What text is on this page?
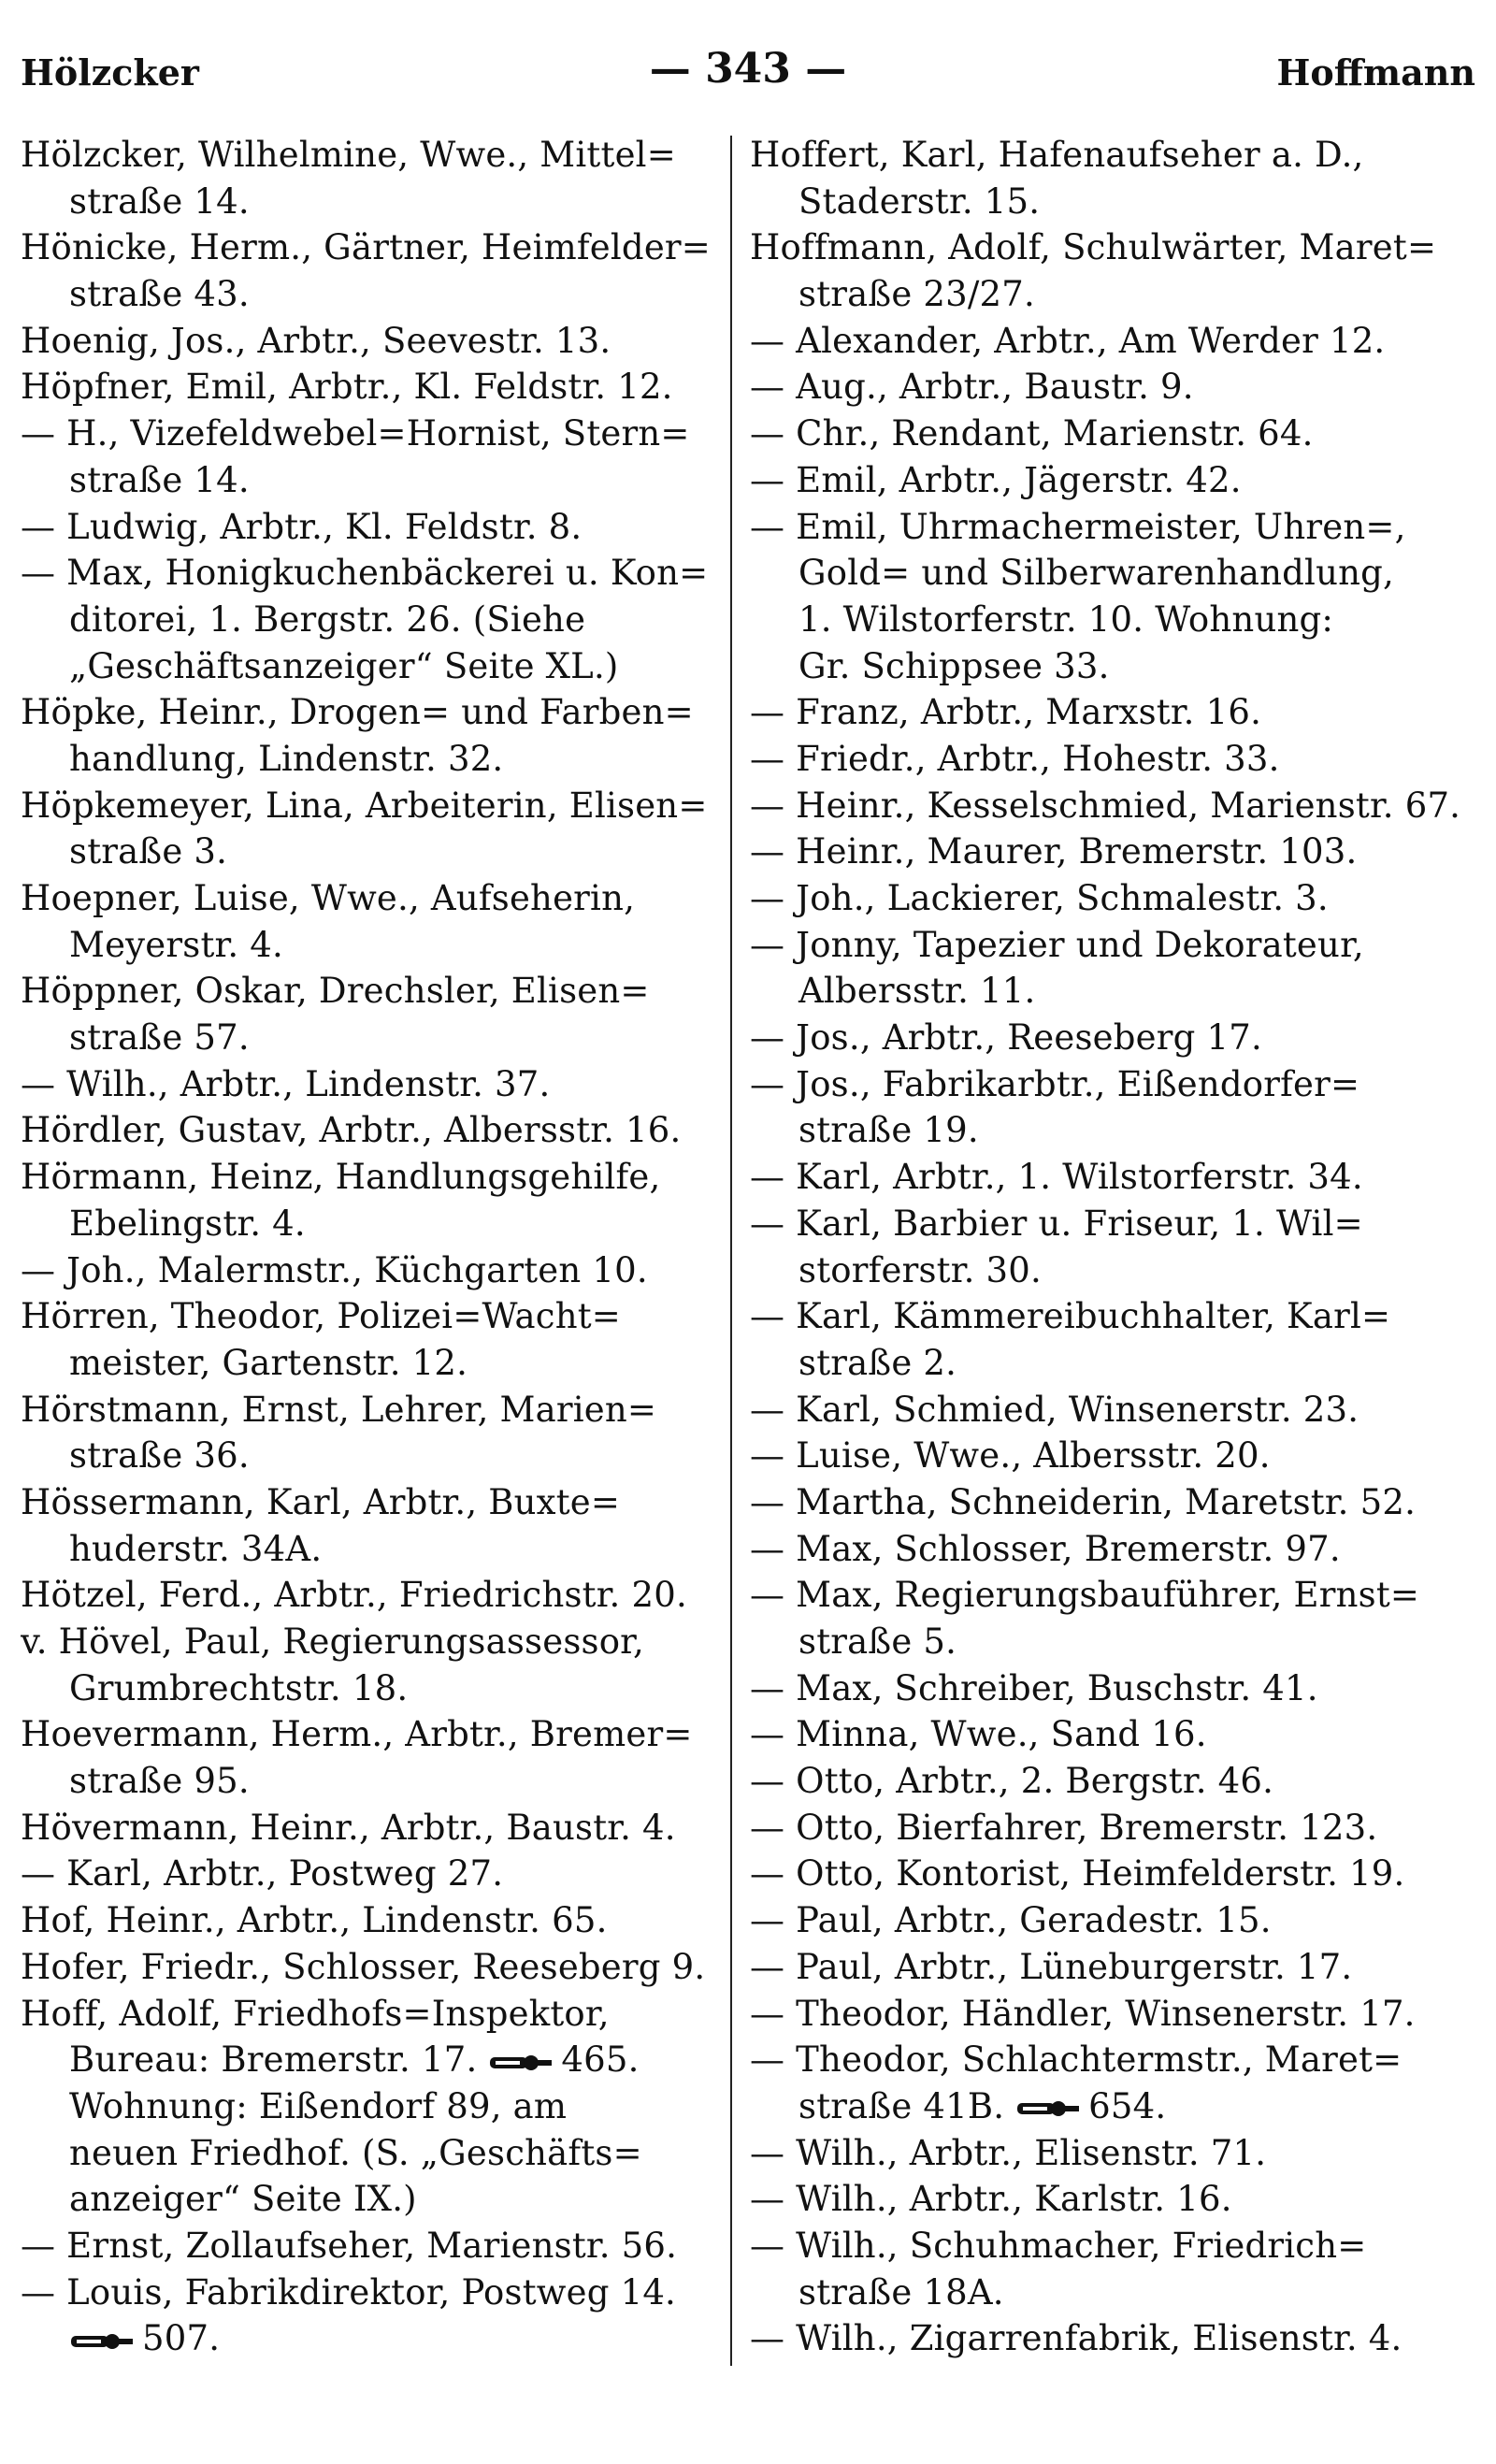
Hölzcker	— 343 —	Hoffmann
Hölzcker, Wilhelmine, Wwe., Mittel=
straße 14.
Hönicke, Herm., Gärtner, Heimfelder=
straße 43.
Hoenig, Jos., Arbtr., Seevestr. 13.
Höpfner, Emil, Arbtr., Kl. Feldstr. 12.
— H., Vizefeldwebel=Hornist, Stern=
straße 14.
— Ludwig, Arbtr., Kl. Feldstr. 8.
— Max, Honigkuchenbäckerei u. Kon=
ditorei, 1. Bergstr. 26. (Siehe
„Geschäftsanzeiger“ Seite XL.)
Höpke, Heinr., Drogen= und Farben=
handlung, Lindenstr. 32.
Höpkemeyer, Lina, Arbeiterin, Elisen=
straße 3.
Hoepner, Luise, Wwe., Aufseherin,
Meyerstr. 4.
Höppner, Oskar, Drechsler, Elisen=
straße 57.
— Wilh., Arbtr., Lindenstr. 37.
Hördler, Gustav, Arbtr., Albersstr. 16.
Hörmann, Heinz, Handlungsgehilfe,
Ebelingstr. 4.
— Joh., Malermstr., Küchgarten 10.
Hörren, Theodor, Polizei=Wacht=
meister, Gartenstr. 12.
Hörstmann, Ernst, Lehrer, Marien=
straße 36.
Hössermann, Karl, Arbtr., Buxte=
huderstr. 34A.
Hötzel, Ferd., Arbtr., Friedrichstr. 20.
v. Hövel, Paul, Regierungsassessor,
Grumbrechtstr. 18.
Hoevermann, Herm., Arbtr., Bremer=
straße 95.
Hövermann, Heinr., Arbtr., Baustr. 4.
— Karl, Arbtr., Postweg 27.
Hof, Heinr., Arbtr., Lindenstr. 65.
Hofer, Friedr., Schlosser, Reeseberg 9.
Hoff, Adolf, Friedhofs=Inspektor,
Bureau: Bremerstr. 17.
465.
Wohnung: Eißendorf 89, am
neuen Friedhof. (S. „Geschäfts=
anzeiger“ Seite IX.)
— Ernst, Zollaufseher, Marienstr. 56.
— Louis, Fabrikdirektor, Postweg 14.
507.
Hoffert, Karl, Hafenaufseher a. D.,
Staderstr. 15.
Hoffmann, Adolf, Schulwärter, Maret=
straße 23/27.
— Alexander, Arbtr., Am Werder 12.
— Aug., Arbtr., Baustr. 9.
— Chr., Rendant, Marienstr. 64.
— Emil, Arbtr., Jägerstr. 42.
— Emil, Uhrmachermeister, Uhren=,
Gold= und Silberwarenhandlung,
1. Wilstorferstr. 10. Wohnung:
Gr. Schippsee 33.
— Franz, Arbtr., Marxstr. 16.
— Friedr., Arbtr., Hohestr. 33.
— Heinr., Kesselschmied, Marienstr. 67.
— Heinr., Maurer, Bremerstr. 103.
— Joh., Lackierer, Schmalestr. 3.
— Jonny, Tapezier und Dekorateur,
Albersstr. 11.
— Jos., Arbtr., Reeseberg 17.
— Jos., Fabrikarbtr., Eißendorfer=
straße 19.
— Karl, Arbtr., 1. Wilstorferstr. 34.
— Karl, Barbier u. Friseur, 1. Wil=
storferstr. 30.
— Karl, Kämmereibuchhalter, Karl=
straße 2.
— Karl, Schmied, Winsenerstr. 23.
— Luise, Wwe., Albersstr. 20.
— Martha, Schneiderin, Maretstr. 52.
— Max, Schlosser, Bremerstr. 97.
— Max, Regierungsbauführer, Ernst=
straße 5.
— Max, Schreiber, Buschstr. 41.
— Minna, Wwe., Sand 16.
— Otto, Arbtr., 2. Bergstr. 46.
— Otto, Bierfahrer, Bremerstr. 123.
— Otto, Kontorist, Heimfelderstr. 19.
— Paul, Arbtr., Geradestr. 15.
— Paul, Arbtr., Lüneburgerstr. 17.
— Theodor, Händler, Winsenerstr. 17.
— Theodor, Schlachtermstr., Maret=
straße 41B.
654.
— Wilh., Arbtr., Elisenstr. 71.
— Wilh., Arbtr., Karlstr. 16.
— Wilh., Schuhmacher, Friedrich=
straße 18A.
— Wilh., Zigarrenfabrik, Elisenstr. 4.
